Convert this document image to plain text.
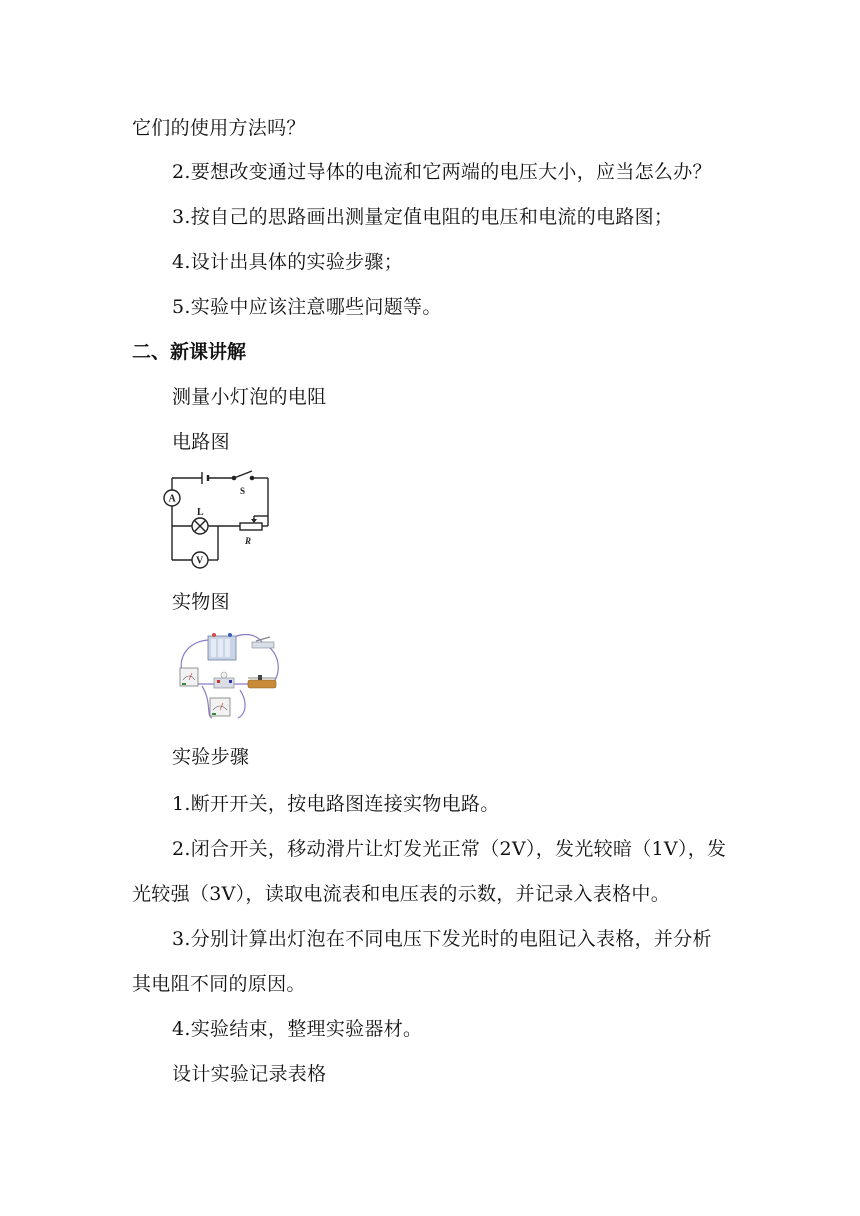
它们的使用方法吗？
2.要想改变通过导体的电流和它两端的电压大小，应当怎么办？
3.按自己的思路画出测量定值电阻的电压和电流的电路图；
4.设计出具体的实验步骤；
5.实验中应该注意哪些问题等。
二、新课讲解
测量小灯泡的电阻
电路图
A
V
L
S
R
实物图
实验步骤
1.断开开关，按电路图连接实物电路。
2.闭合开关，移动滑片让灯发光正常（2V），发光较暗（1V），发
光较强（3V），读取电流表和电压表的示数，并记录入表格中。
3.分别计算出灯泡在不同电压下发光时的电阻记入表格，并分析
其电阻不同的原因。
4.实验结束，整理实验器材。
设计实验记录表格
